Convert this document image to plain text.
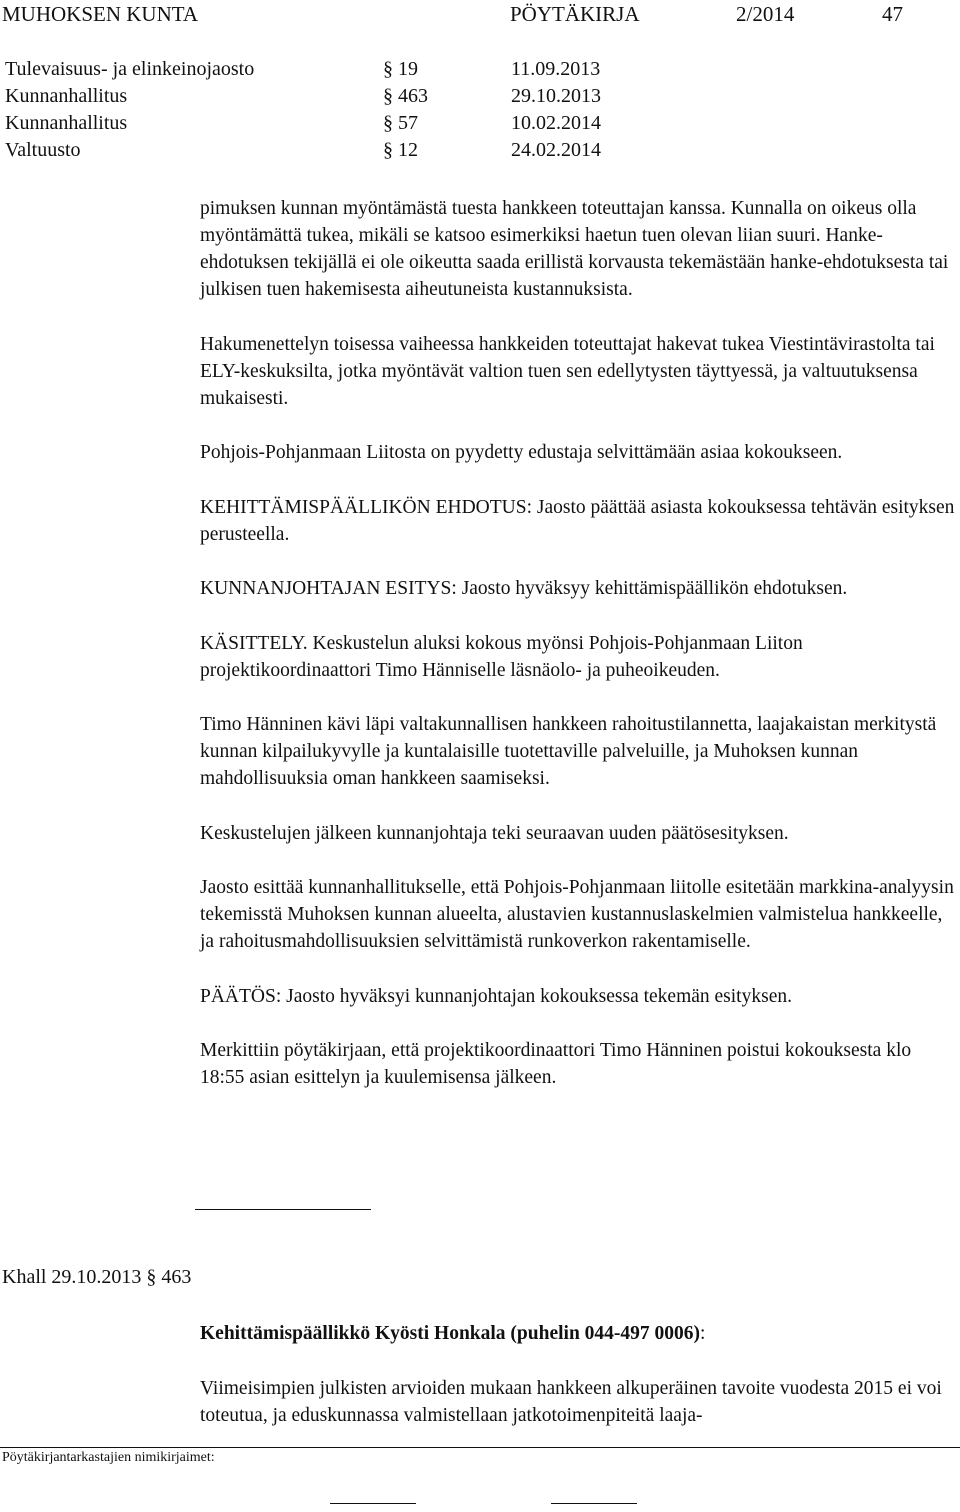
MUHOKSEN KUNTA	PÖYTÄKIRJA	2/2014	47
Tulevaisuus- ja elinkeinojaosto	§ 19	11.09.2013
Kunnanhallitus	§ 463	29.10.2013
Kunnanhallitus	§ 57	10.02.2014
Valtuusto	§ 12	24.02.2014

pimuksen kunnan myöntämästä tuesta hankkeen toteuttajan kanssa. Kunnalla on oikeus olla myöntämättä tukea, mikäli se katsoo esimerkiksi haetun tuen olevan liian suuri. Hanke-ehdotuksen tekijällä ei ole oikeutta saada erillistä korvausta tekemästään hanke-ehdotuksesta tai julkisen tuen hakemisesta aiheutuneista kustannuksista.

Hakumenettelyn toisessa vaiheessa hankkeiden toteuttajat hakevat tukea Viestintävirastolta tai ELY-keskuksilta, jotka myöntävät valtion tuen sen edellytysten täyttyessä, ja valtuutuksensa mukaisesti.

Pohjois-Pohjanmaan Liitosta on pyydetty edustaja selvittämään asiaa kokoukseen.

KEHITTÄMISPÄÄLLIKÖN EHDOTUS: Jaosto päättää asiasta kokouksessa tehtävän esityksen perusteella.

KUNNANJOHTAJAN ESITYS: Jaosto hyväksyy kehittämispäällikön ehdotuksen.

KÄSITTELY. Keskustelun aluksi kokous myönsi Pohjois-Pohjanmaan Liiton projektikoordinaattori Timo Hänniselle läsnäolo- ja puheoikeuden.

Timo Hänninen kävi läpi valtakunnallisen hankkeen rahoitustilannetta, laajakaistan merkitystä kunnan kilpailukyvylle ja kuntalaisille tuotettaville palveluille, ja Muhoksen kunnan mahdollisuuksia oman hankkeen saamiseksi.

Keskustelujen jälkeen kunnanjohtaja teki seuraavan uuden päätösesityksen.

Jaosto esittää kunnanhallitukselle, että Pohjois-Pohjanmaan liitolle esitetään markkina-analyysin tekemisstä Muhoksen kunnan alueelta, alustavien kustannuslaskelmien valmistelua hankkeelle, ja rahoitusmahdollisuuksien selvittämistä runkoverkon rakentamiselle.

PÄÄTÖS: Jaosto hyväksyi kunnanjohtajan kokouksessa tekemän esityksen.

Merkittiin pöytäkirjaan, että projektikoordinaattori Timo Hänninen poistui kokouksesta klo 18:55 asian esittelyn ja kuulemisensa jälkeen.

Khall 29.10.2013 § 463

Kehittämispäällikkö Kyösti Honkala (puhelin 044-497 0006):

Viimeisimpien julkisten arvioiden mukaan hankkeen alkuperäinen tavoite vuodesta 2015 ei voi toteutua, ja eduskunnassa valmistellaan jatkotoimenpiteitä laaja-

Pöytäkirjantarkastajien nimikirjaimet:
